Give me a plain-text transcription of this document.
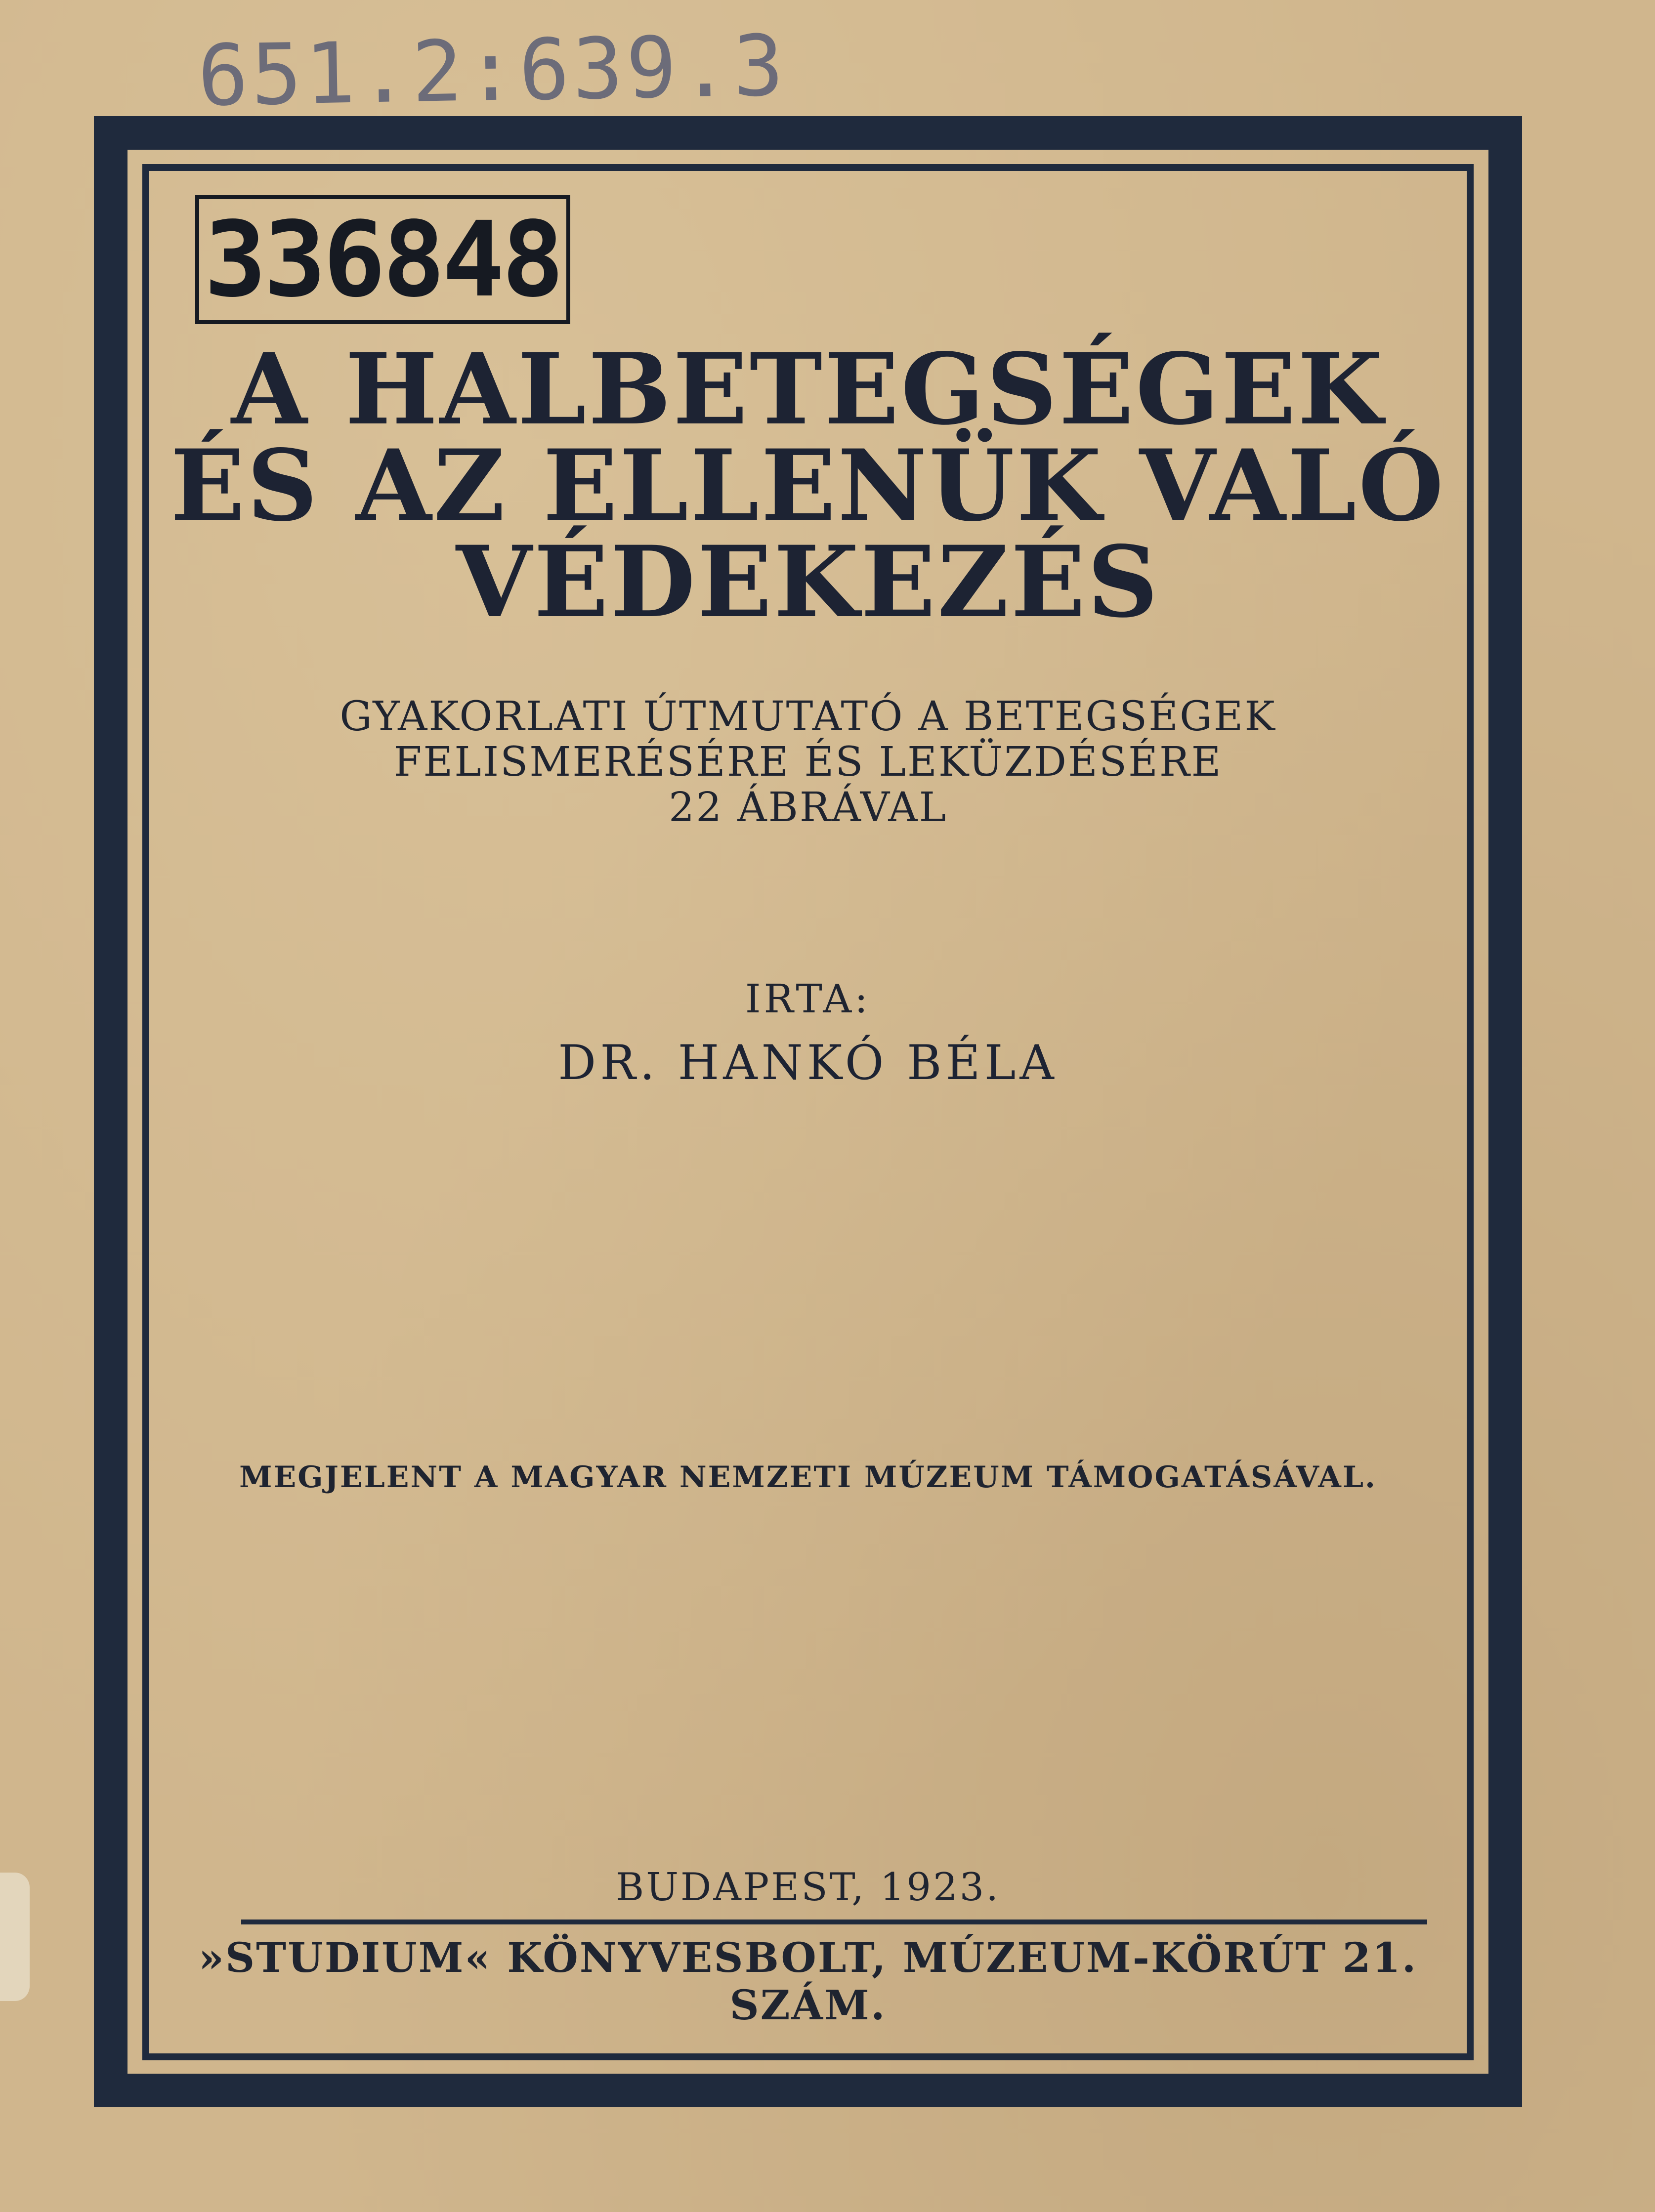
651.2:639.3
336848
A HALBETEGSÉGEK
ÉS AZ ELLENÜK VALÓ
VÉDEKEZÉS
GYAKORLATI ÚTMUTATÓ A BETEGSÉGEK
FELISMERÉSÉRE ÉS LEKÜZDÉSÉRE
22 ÁBRÁVAL
IRTA:
DR. HANKÓ BÉLA
MEGJELENT A MAGYAR NEMZETI MÚZEUM TÁMOGATÁSÁVAL.
BUDAPEST, 1923.
»STUDIUM« KÖNYVESBOLT, MÚZEUM-KÖRÚT 21. SZÁM.
